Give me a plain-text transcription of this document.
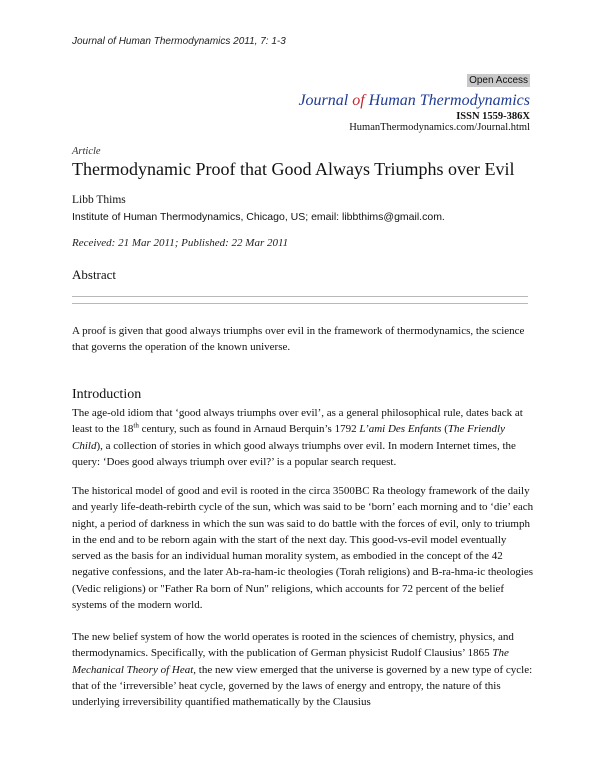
Journal of Human Thermodynamics 2011, 7: 1-3
Open Access
Journal of Human Thermodynamics
ISSN 1559-386X
HumanThermodynamics.com/Journal.html
Article
Thermodynamic Proof that Good Always Triumphs over Evil
Libb Thims
Institute of Human Thermodynamics, Chicago, US; email: libbthims@gmail.com.
Received: 21 Mar 2011; Published: 22 Mar 2011
Abstract
A proof is given that good always triumphs over evil in the framework of thermodynamics, the science that governs the operation of the known universe.
Introduction

The age-old idiom that ‘good always triumphs over evil’, as a general philosophical rule, dates back at least to the 18th century, such as found in Arnaud Berquin’s 1792 L’ami Des Enfants (The Friendly Child), a collection of stories in which good always triumphs over evil. In modern Internet times, the query: ‘Does good always triumph over evil?’ is a popular search request.

The historical model of good and evil is rooted in the circa 3500BC Ra theology framework of the daily and yearly life-death-rebirth cycle of the sun, which was said to be ‘born’ each morning and to ‘die’ each night, a period of darkness in which the sun was said to do battle with the forces of evil, only to triumph in the end and to be reborn again with the start of the next day. This good-vs-evil model eventually served as the basis for an individual human morality system, as embodied in the concept of the 42 negative confessions, and the later Ab-ra-ham-ic theologies (Torah religions) and B-ra-hma-ic theologies (Vedic religions) or "Father Ra born of Nun" religions, which accounts for 72 percent of the belief systems of the modern world.

The new belief system of how the world operates is rooted in the sciences of chemistry, physics, and thermodynamics. Specifically, with the publication of German physicist Rudolf Clausius’ 1865 The Mechanical Theory of Heat, the new view emerged that the universe is governed by a new type of cycle: that of the ‘irreversible’ heat cycle, governed by the laws of energy and entropy, the nature of this underlying irreversibility quantified mathematically by the Clausius
